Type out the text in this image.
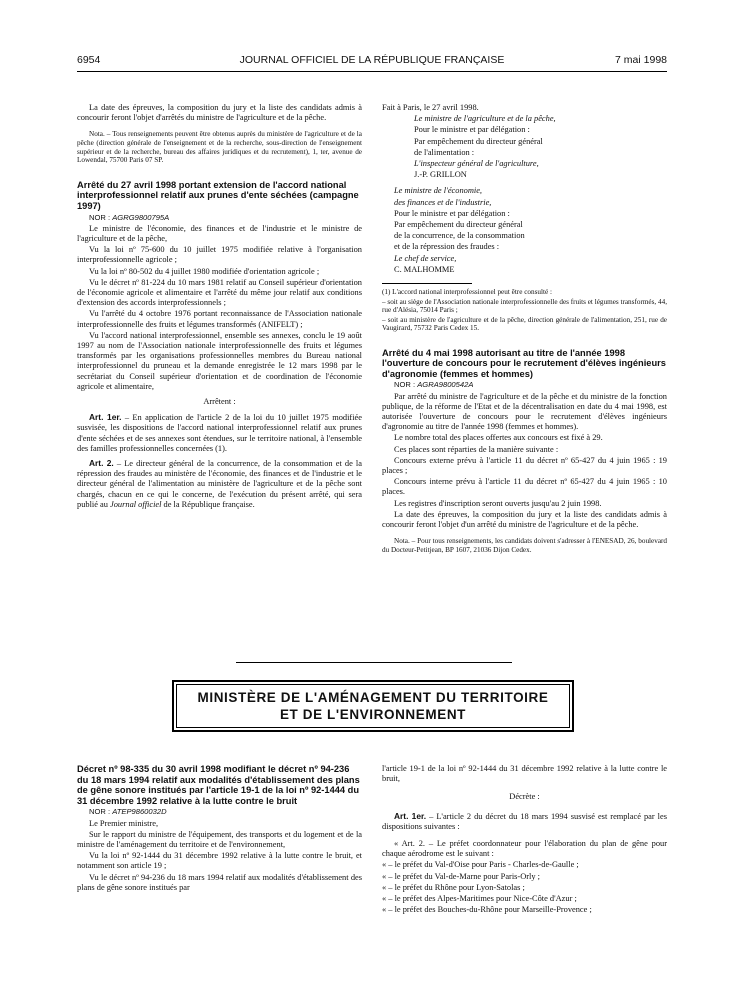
6954	JOURNAL OFFICIEL DE LA RÉPUBLIQUE FRANÇAISE	7 mai 1998

La date des épreuves, la composition du jury et la liste des candidats admis à concourir feront l'objet d'arrêtés du ministre de l'agriculture et de la pêche.

Nota. – Tous renseignements peuvent être obtenus auprès du ministère de l'agriculture et de la pêche (direction générale de l'enseignement et de la recherche, sous-direction de l'enseignement supérieur et de la recherche, bureau des affaires juridiques et du recrutement), 1, ter, avenue de Lowendal, 75700 Paris 07 SP.

Arrêté du 27 avril 1998 portant extension de l'accord national interprofessionnel relatif aux prunes d'ente séchées (campagne 1997)

NOR : AGRG9800795A

Le ministre de l'économie, des finances et de l'industrie et le ministre de l'agriculture et de la pêche,

Vu la loi nº 75-600 du 10 juillet 1975 modifiée relative à l'organisation interprofessionnelle agricole ;

Vu la loi nº 80-502 du 4 juillet 1980 modifiée d'orientation agricole ;

Vu le décret nº 81-224 du 10 mars 1981 relatif au Conseil supérieur d'orientation de l'économie agricole et alimentaire et l'arrêté du même jour relatif aux conditions d'extension des accords interprofessionnels ;

Vu l'arrêté du 4 octobre 1976 portant reconnaissance de l'Association nationale interprofessionnelle des fruits et légumes transformés (ANIFELT) ;

Vu l'accord national interprofessionnel, ensemble ses annexes, conclu le 19 août 1997 au nom de l'Association nationale interprofessionnelle des fruits et légumes transformés par les organisations professionnelles membres du Bureau national interprofessionnel du pruneau et la demande enregistrée le 12 mars 1998 par le secrétariat du Conseil supérieur d'orientation et de coordination de l'économie agricole et alimentaire,

Arrêtent :

Art. 1er. – En application de l'article 2 de la loi du 10 juillet 1975 modifiée susvisée, les dispositions de l'accord national interprofessionnel relatif aux prunes d'ente séchées et de ses annexes sont étendues, sur le territoire national, à l'ensemble des familles professionnelles concernées (1).

Art. 2. – Le directeur général de la concurrence, de la consommation et de la répression des fraudes au ministère de l'économie, des finances et de l'industrie et le directeur général de l'alimentation au ministère de l'agriculture et de la pêche sont chargés, chacun en ce qui le concerne, de l'exécution du présent arrêté, qui sera publié au Journal officiel de la République française.

Fait à Paris, le 27 avril 1998.

Le ministre de l'agriculture et de la pêche,

Pour le ministre et par délégation :

Par empêchement du directeur général

de l'alimentation :

L'inspecteur général de l'agriculture,

J.-P. GRILLON

Le ministre de l'économie,

des finances et de l'industrie,

Pour le ministre et par délégation :

Par empêchement du directeur général

de la concurrence, de la consommation

et de la répression des fraudes :

Le chef de service,

C. MALHOMME

(1) L'accord national interprofessionnel peut être consulté :

– soit au siège de l'Association nationale interprofessionnelle des fruits et légumes transformés, 44, rue d'Alésia, 75014 Paris ;

– soit au ministère de l'agriculture et de la pêche, direction générale de l'alimentation, 251, rue de Vaugirard, 75732 Paris Cedex 15.

Arrêté du 4 mai 1998 autorisant au titre de l'année 1998 l'ouverture de concours pour le recrutement d'élèves ingénieurs d'agronomie (femmes et hommes)

NOR : AGRA9800542A

Par arrêté du ministre de l'agriculture et de la pêche et du ministre de la fonction publique, de la réforme de l'Etat et de la décentralisation en date du 4 mai 1998, est autorisée l'ouverture de concours pour le recrutement d'élèves ingénieurs d'agronomie au titre de l'année 1998 (femmes et hommes).

Le nombre total des places offertes aux concours est fixé à 29.

Ces places sont réparties de la manière suivante :

Concours externe prévu à l'article 11 du décret nº 65-427 du 4 juin 1965 : 19 places ;

Concours interne prévu à l'article 11 du décret nº 65-427 du 4 juin 1965 : 10 places.

Les registres d'inscription seront ouverts jusqu'au 2 juin 1998.

La date des épreuves, la composition du jury et la liste des candidats admis à concourir feront l'objet d'un arrêté du ministre de l'agriculture et de la pêche.

Nota. – Pour tous renseignements, les candidats doivent s'adresser à l'ENESAD, 26, boulevard du Docteur-Petitjean, BP 1607, 21036 Dijon Cedex.

MINISTÈRE DE L'AMÉNAGEMENT DU TERRITOIRE
ET DE L'ENVIRONNEMENT

Décret nº 98-335 du 30 avril 1998 modifiant le décret nº 94-236 du 18 mars 1994 relatif aux modalités d'établissement des plans de gêne sonore institués par l'article 19-1 de la loi nº 92-1444 du 31 décembre 1992 relative à la lutte contre le bruit

NOR : ATEP9860032D

Le Premier ministre,

Sur le rapport du ministre de l'équipement, des transports et du logement et de la ministre de l'aménagement du territoire et de l'environnement,

Vu la loi nº 92-1444 du 31 décembre 1992 relative à la lutte contre le bruit, et notamment son article 19 ;

Vu le décret nº 94-236 du 18 mars 1994 relatif aux modalités d'établissement des plans de gêne sonore institués par

l'article 19-1 de la loi nº 92-1444 du 31 décembre 1992 relative à la lutte contre le bruit,

Décrète :

Art. 1er. – L'article 2 du décret du 18 mars 1994 susvisé est remplacé par les dispositions suivantes :

« Art. 2. – Le préfet coordonnateur pour l'élaboration du plan de gêne pour chaque aérodrome est le suivant :

« – le préfet du Val-d'Oise pour Paris - Charles-de-Gaulle ;

« – le préfet du Val-de-Marne pour Paris-Orly ;

« – le préfet du Rhône pour Lyon-Satolas ;

« – le préfet des Alpes-Maritimes pour Nice-Côte d'Azur ;

« – le préfet des Bouches-du-Rhône pour Marseille-Provence ;
